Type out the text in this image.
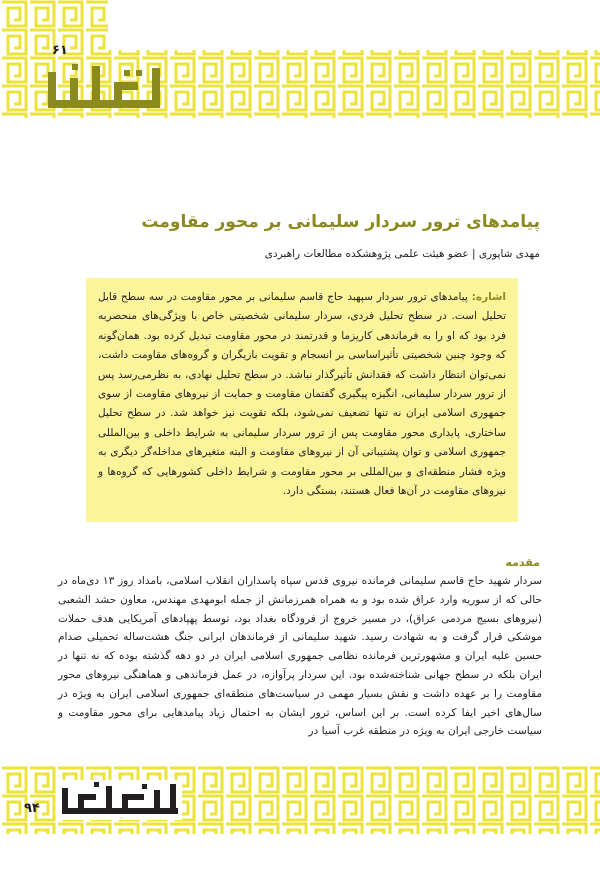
۶۱
پیامدهای ترور سردار سلیمانی بر محور مقاومت
مهدی شاپوری | عضو هیئت علمی پژوهشکده مطالعات راهبردی
اشاره: پیامدهای ترور سردار سپهبد حاج قاسم سلیمانی بر محور مقاومت در سه سطح قابل تحلیل است. در سطح تحلیل فردی، سردار سلیمانی شخصیتی خاص با ویژگی‌های منحصربه فرد بود که او را به فرماندهی کاریزما و قدرتمند در محور مقاومت تبدیل کرده بود. همان‌گونه که وجود چنین شخصیتی تأثیراساسی بر انسجام و تقویت بازیگران و گروه‌های مقاومت داشت، نمی‌توان انتظار داشت که فقدانش تأثیرگذار نباشد. در سطح تحلیل نهادی، به نظرمی‌رسد پس از ترور سردار سلیمانی، انگیزه پیگیری گفتمان مقاومت و حمایت از نیروهای مقاومت از سوی جمهوری اسلامی ایران نه تنها تضعیف نمی‌شود، بلکه تقویت نیز خواهد شد. در سطح تحلیل ساختاری، پایداری محور مقاومت پس از ترور سردار سلیمانی به شرایط داخلی و بین‌المللی جمهوری اسلامی و توان پشتیبانی آن از نیروهای مقاومت و البته متغیرهای مداخله‌گر دیگری به ویژه فشار منطقه‌ای و بین‌المللی بر محور مقاومت و شرایط داخلی کشورهایی که گروه‌ها و نیروهای مقاومت در آن‌ها فعال هستند، بستگی دارد.
مقدمه

سردار شهید حاج قاسم سلیمانی فرمانده نیروی قدس سپاه پاسداران انقلاب اسلامی، بامداد روز ۱۳ دی‌ماه در حالی که از سوریه وارد عراق شده بود و به همراه همرزمانش از جمله ابومهدی مهندس، معاون حشد الشعبی (نیروهای بسیج مردمی عراق)، در مسیر خروج از فرودگاه بغداد بود، توسط پهپادهای آمریکایی هدف حملات موشکی قرار گرفت و به شهادت رسید. شهید سلیمانی از فرماندهان ایرانی جنگ هشت‌ساله تحمیلی صدام حسین علیه ایران و مشهورترین فرمانده نظامی جمهوری اسلامی ایران در دو دهه گذشته بوده که نه تنها در ایران بلکه در سطح جهانی شناخته‌شده بود. این سردار پرآوازه، در عمل فرماندهی و هماهنگی نیروهای محور مقاومت را بر عهده داشت و نقش بسیار مهمی در سیاست‌های منطقه‌ای جمهوری اسلامی ایران به ویژه در سال‌های اخیر ایفا کرده است. بر این اساس، ترور ایشان به احتمال زیاد پیامدهایی برای محور مقاومت و سیاست خارجی ایران به ویژه در منطقه غرب آسیا در

دیده‌بان
۹۴
